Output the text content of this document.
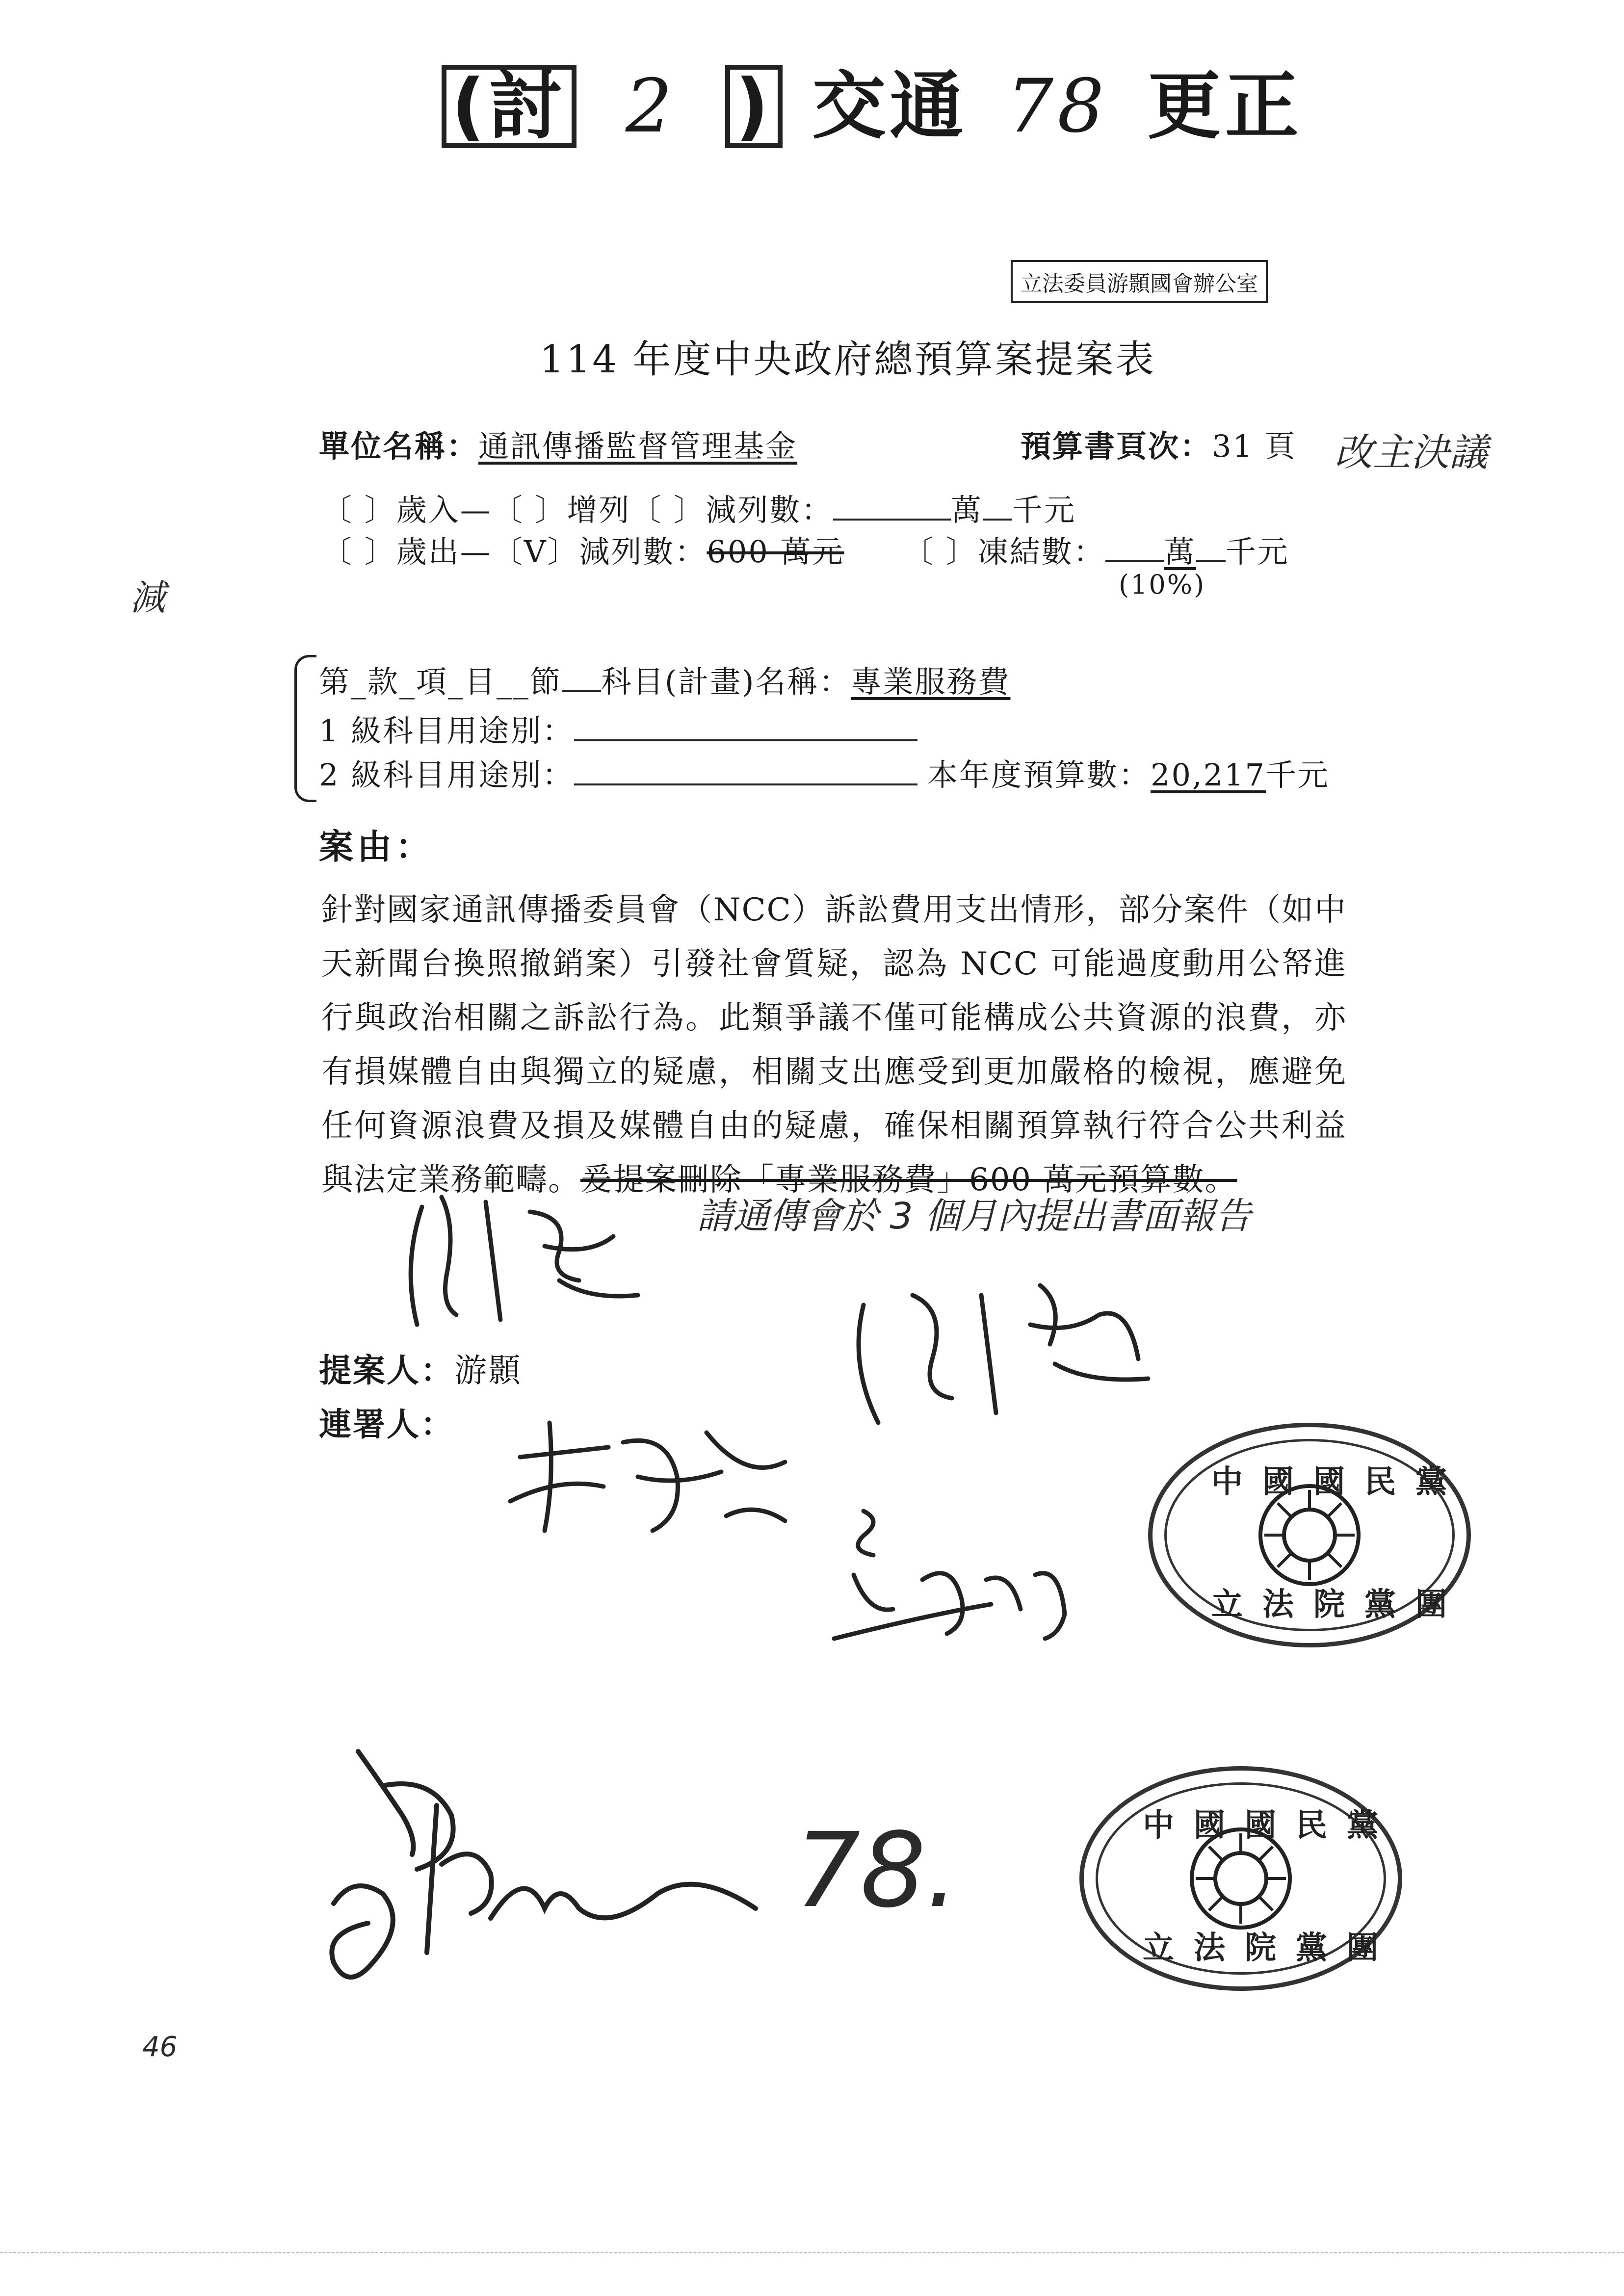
(討 2 ) 交通 78 更正
立法委員游顥國會辦公室
114 年度中央政府總預算案提案表
減
單位名稱：通訊傳播監督管理基金	預算書頁次：31 頁 改主決議
〔 〕歲入—〔 〕增列〔 〕減列數：	萬 千元
〔 〕歲出—〔V〕減列數：600 萬元 〔 〕凍結數： 萬 千元
(10%)
第_款_項_目__節 科目(計畫)名稱：專業服務費
1 級科目用途別：
2 級科目用途別：	本年度預算數：20,217千元
案由：
針對國家通訊傳播委員會（NCC）訴訟費用支出情形，部分案件（如中天新聞台換照撤銷案）引發社會質疑，認為 NCC 可能過度動用公帑進行與政治相關之訴訟行為。此類爭議不僅可能構成公共資源的浪費，亦有損媒體自由與獨立的疑慮，相關支出應受到更加嚴格的檢視，應避免任何資源浪費及損及媒體自由的疑慮，確保相關預算執行符合公共利益與法定業務範疇。爰提案刪除「專業服務費」600 萬元預算數。
請通傳會於 3 個月內提出書面報告
提案人：游顥
連署人：
78.
中國國民黨
立法院黨團
中國國民黨
立法院黨團
46
